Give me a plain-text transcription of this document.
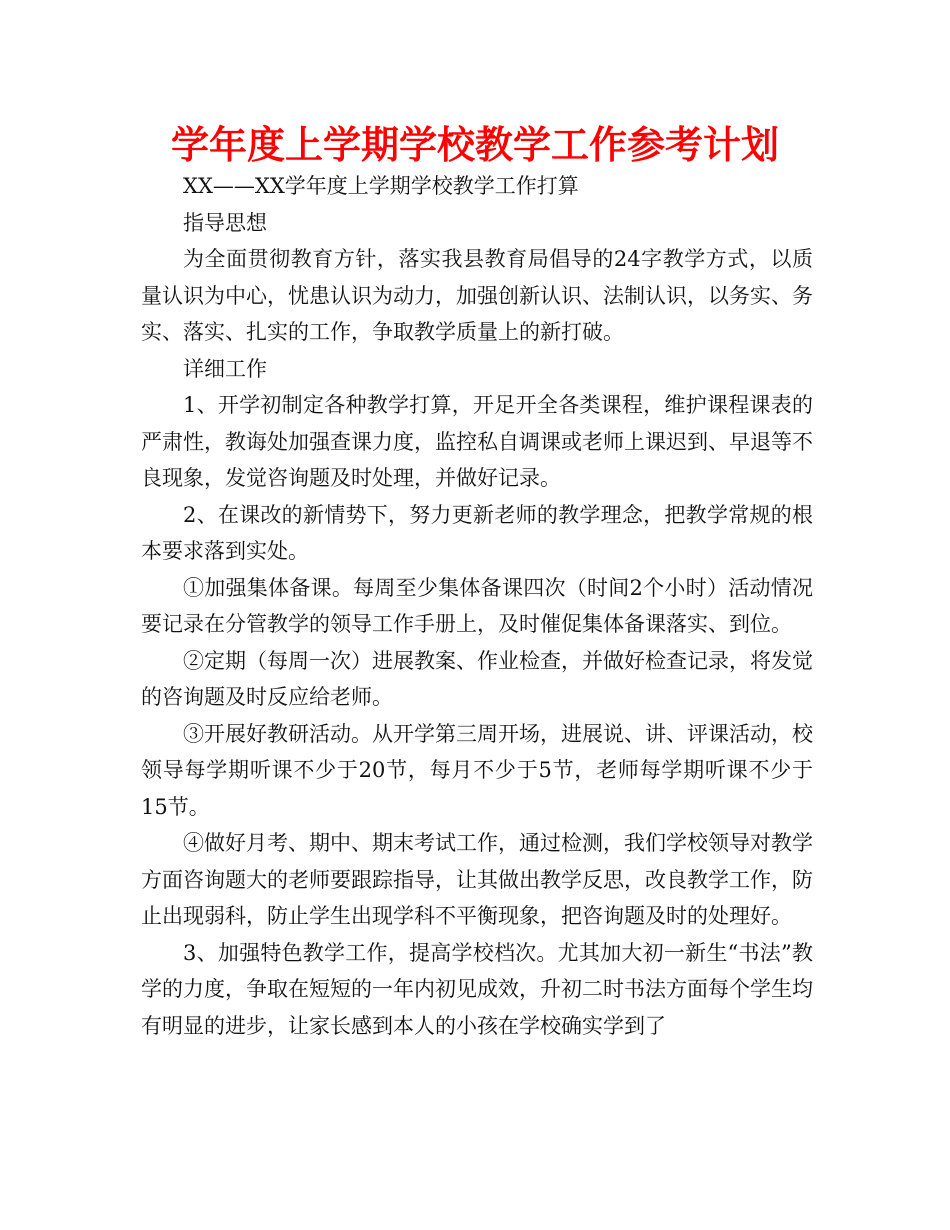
学年度上学期学校教学工作参考计划

XX——XX学年度上学期学校教学工作打算

指导思想

为全面贯彻教育方针，落实我县教育局倡导的24字教学方式，以质量认识为中心，忧患认识为动力，加强创新认识、法制认识，以务实、务实、落实、扎实的工作，争取教学质量上的新打破。

详细工作

1、开学初制定各种教学打算，开足开全各类课程，维护课程课表的严肃性，教诲处加强查课力度，监控私自调课或老师上课迟到、早退等不良现象，发觉咨询题及时处理，并做好记录。

2、在课改的新情势下，努力更新老师的教学理念，把教学常规的根本要求落到实处。

①加强集体备课。每周至少集体备课四次（时间2个小时）活动情况要记录在分管教学的领导工作手册上，及时催促集体备课落实、到位。

②定期（每周一次）进展教案、作业检查，并做好检查记录，将发觉的咨询题及时反应给老师。

③开展好教研活动。从开学第三周开场，进展说、讲、评课活动，校领导每学期听课不少于20节，每月不少于5节，老师每学期听课不少于15节。

④做好月考、期中、期末考试工作，通过检测，我们学校领导对教学方面咨询题大的老师要跟踪指导，让其做出教学反思，改良教学工作，防止出现弱科，防止学生出现学科不平衡现象，把咨询题及时的处理好。

3、加强特色教学工作，提高学校档次。尤其加大初一新生“书法”教学的力度，争取在短短的一年内初见成效，升初二时书法方面每个学生均有明显的进步，让家长感到本人的小孩在学校确实学到了
